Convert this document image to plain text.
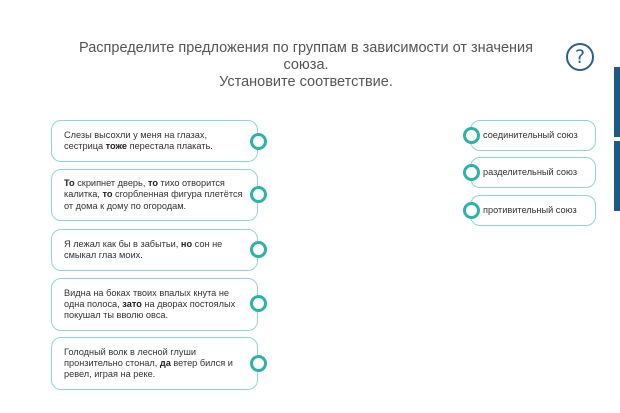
Распределите предложения по группам в зависимости от значения
союза.
Установите соответствие.
?
Слезы высохли у меня на глазах, сестрица тоже перестала плакать.
То скрипнет дверь, то тихо отворится калитка, то сгорбленная фигура плетётся от дома к дому по огородам.
Я лежал как бы в забытьи, но сон не смыкал глаз моих.
Видна на боках твоих впалых кнута не одна полоса, зато на дворах постоялых покушал ты вволю овса.
Голодный волк в лесной глуши пронзительно стонал, да ветер бился и ревел, играя на реке.
соединительный союз
разделительный союз
противительный союз
